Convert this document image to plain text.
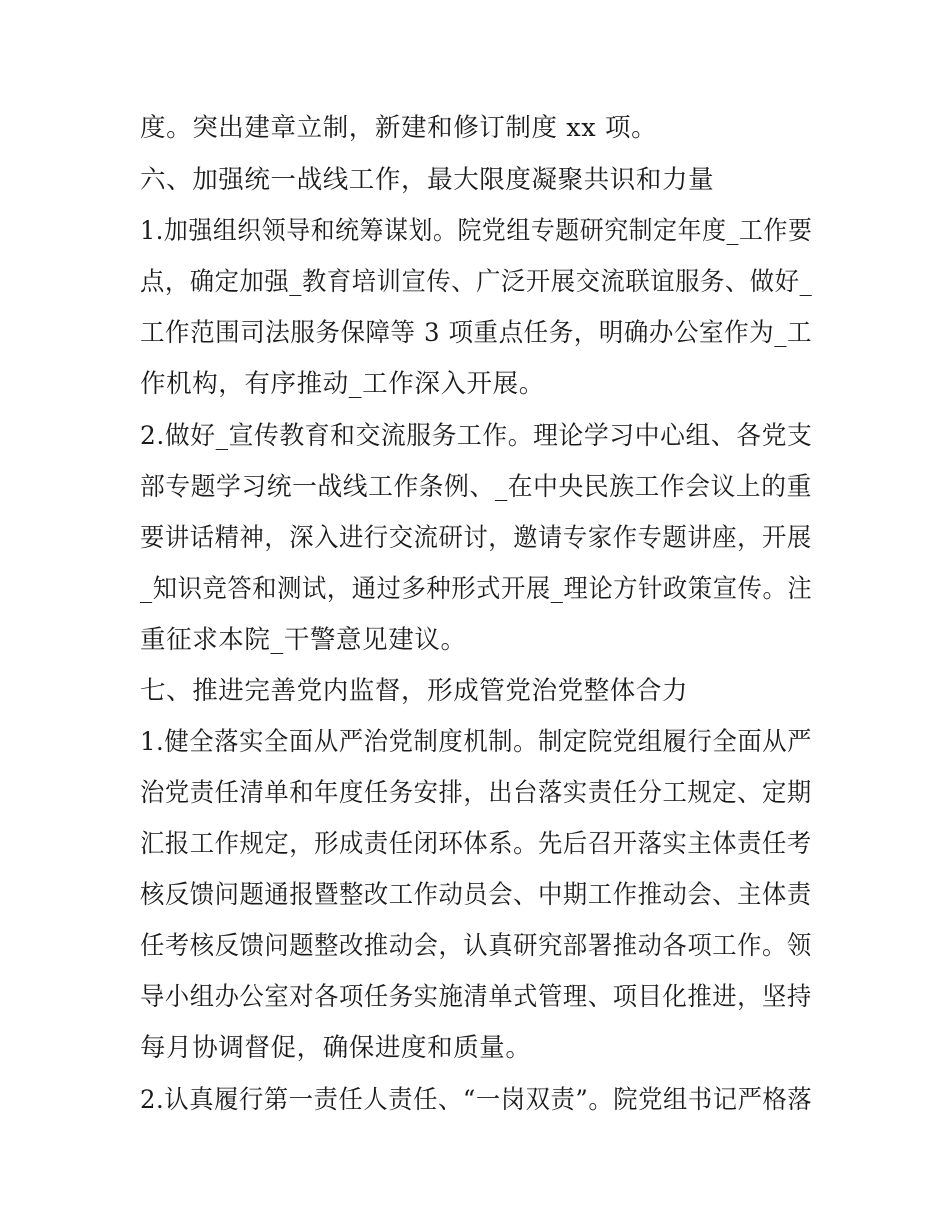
度。突出建章立制，新建和修订制度 xx 项。
六、加强统一战线工作，最大限度凝聚共识和力量
1.加强组织领导和统筹谋划。院党组专题研究制定年度_工作要
点，确定加强_教育培训宣传、广泛开展交流联谊服务、做好_
工作范围司法服务保障等 3 项重点任务，明确办公室作为_工
作机构，有序推动_工作深入开展。
2.做好_宣传教育和交流服务工作。理论学习中心组、各党支
部专题学习统一战线工作条例、_在中央民族工作会议上的重
要讲话精神，深入进行交流研讨，邀请专家作专题讲座，开展
_知识竞答和测试，通过多种形式开展_理论方针政策宣传。注
重征求本院_干警意见建议。
七、推进完善党内监督，形成管党治党整体合力
1.健全落实全面从严治党制度机制。制定院党组履行全面从严
治党责任清单和年度任务安排，出台落实责任分工规定、定期
汇报工作规定，形成责任闭环体系。先后召开落实主体责任考
核反馈问题通报暨整改工作动员会、中期工作推动会、主体责
任考核反馈问题整改推动会，认真研究部署推动各项工作。领
导小组办公室对各项任务实施清单式管理、项目化推进，坚持
每月协调督促，确保进度和质量。
2.认真履行第一责任人责任、“一岗双责”。院党组书记严格落
